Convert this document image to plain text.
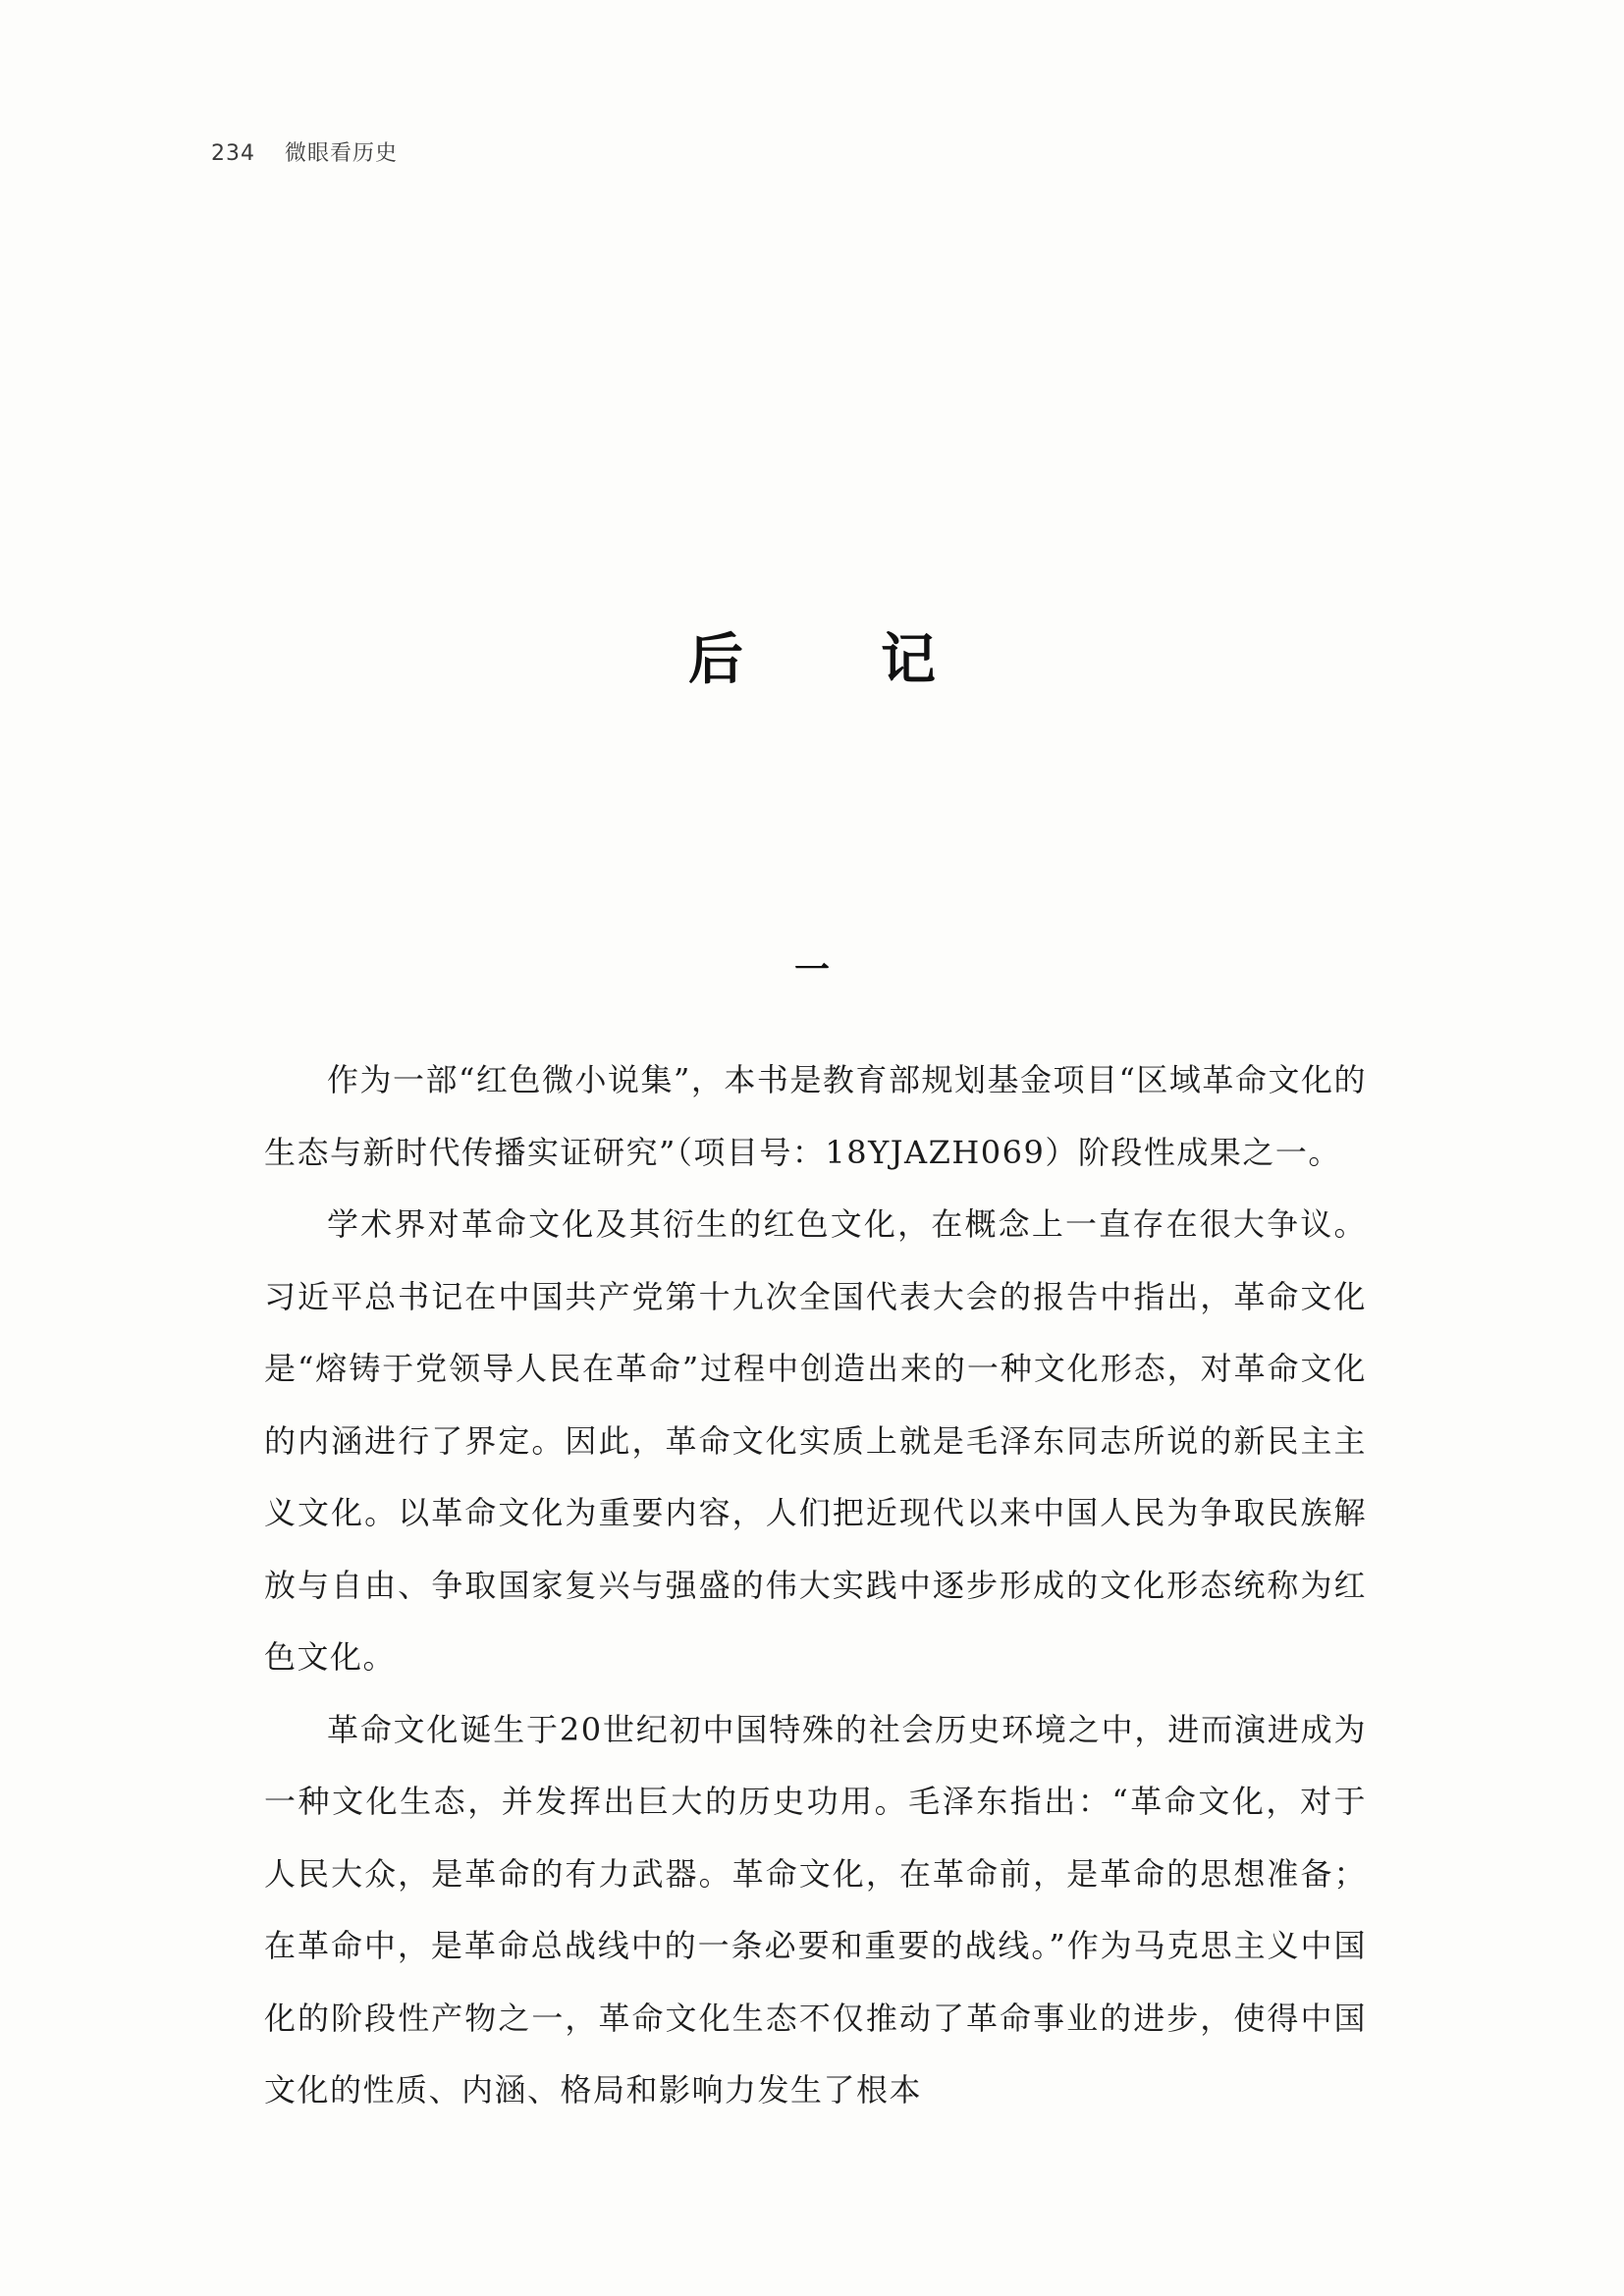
234 微眼看历史
后记
一

作为一部“红色微小说集”，本书是教育部规划基金项目“区域革命文化的生态与新时代传播实证研究”（项目号：18YJAZH069）阶段性成果之一。

学术界对革命文化及其衍生的红色文化，在概念上一直存在很大争议。习近平总书记在中国共产党第十九次全国代表大会的报告中指出，革命文化是“熔铸于党领导人民在革命”过程中创造出来的一种文化形态，对革命文化的内涵进行了界定。因此，革命文化实质上就是毛泽东同志所说的新民主主义文化。以革命文化为重要内容，人们把近现代以来中国人民为争取民族解放与自由、争取国家复兴与强盛的伟大实践中逐步形成的文化形态统称为红色文化。

革命文化诞生于20世纪初中国特殊的社会历史环境之中，进而演进成为一种文化生态，并发挥出巨大的历史功用。毛泽东指出：“革命文化，对于人民大众，是革命的有力武器。革命文化，在革命前，是革命的思想准备；在革命中，是革命总战线中的一条必要和重要的战线。”作为马克思主义中国化的阶段性产物之一，革命文化生态不仅推动了革命事业的进步，使得中国文化的性质、内涵、格局和影响力发生了根本
